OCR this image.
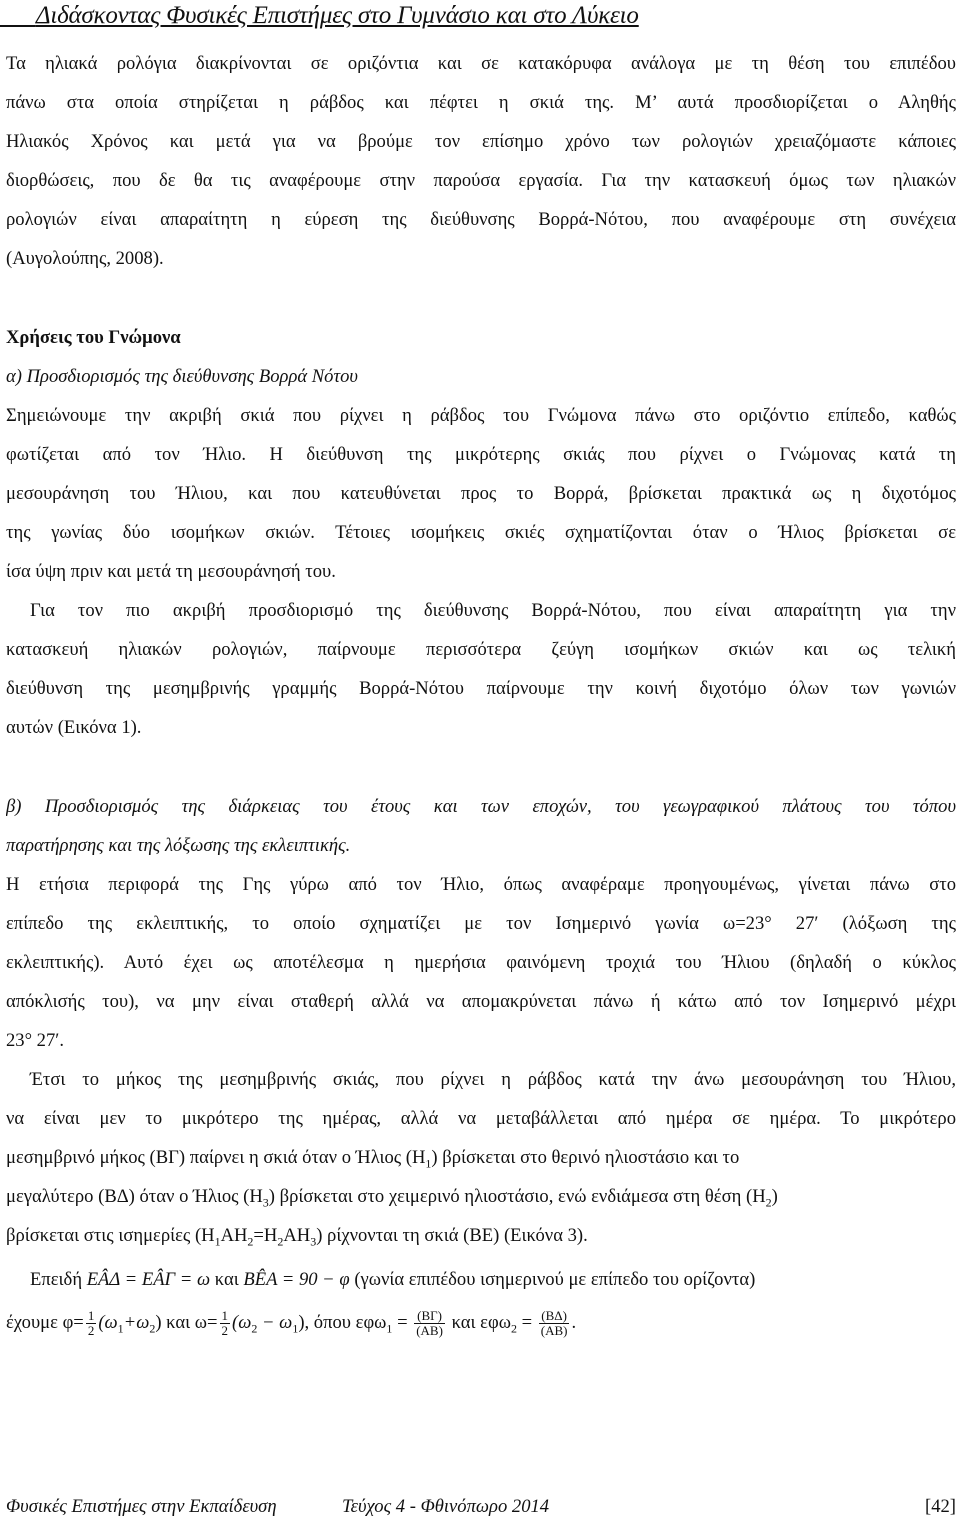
Διδάσκοντας Φυσικές Επιστήμες στο Γυμνάσιο και στο Λύκειο
Τα ηλιακά ρολόγια διακρίνονται σε οριζόντια και σε κατακόρυφα ανάλογα με τη θέση του επιπέδου
πάνω στα οποία στηρίζεται η ράβδος και πέφτει η σκιά της. Μ’ αυτά προσδιορίζεται ο Αληθής
Ηλιακός Χρόνος και μετά για να βρούμε τον επίσημο χρόνο των ρολογιών χρειαζόμαστε κάποιες
διορθώσεις, που δε θα τις αναφέρουμε στην παρούσα εργασία. Για την κατασκευή όμως των ηλιακών
ρολογιών είναι απαραίτητη η εύρεση της διεύθυνσης Βορρά-Νότου, που αναφέρουμε στη συνέχεια
(Αυγολούπης, 2008).
Χρήσεις του Γνώμονα
α) Προσδιορισμός της διεύθυνσης Βορρά Νότου
Σημειώνουμε την ακριβή σκιά που ρίχνει η ράβδος του Γνώμονα πάνω στο οριζόντιο επίπεδο, καθώς
φωτίζεται από τον Ήλιο. Η διεύθυνση της μικρότερης σκιάς που ρίχνει ο Γνώμονας κατά τη
μεσουράνηση του Ήλιου, και που κατευθύνεται προς το Βορρά, βρίσκεται πρακτικά ως η διχοτόμος
της γωνίας δύο ισομήκων σκιών. Τέτοιες ισομήκεις σκιές σχηματίζονται όταν ο Ήλιος βρίσκεται σε
ίσα ύψη πριν και μετά τη μεσουράνησή του.
Για τον πιο ακριβή προσδιορισμό της διεύθυνσης Βορρά-Νότου, που είναι απαραίτητη για την
κατασκευή ηλιακών ρολογιών, παίρνουμε περισσότερα ζεύγη ισομήκων σκιών και ως τελική
διεύθυνση της μεσημβρινής γραμμής Βορρά-Νότου παίρνουμε την κοινή διχοτόμο όλων των γωνιών
αυτών (Εικόνα 1).
β) Προσδιορισμός της διάρκειας του έτους και των εποχών, του γεωγραφικού πλάτους του τόπου
παρατήρησης και της λόξωσης της εκλειπτικής.
Η ετήσια περιφορά της Γης γύρω από τον Ήλιο, όπως αναφέραμε προηγουμένως, γίνεται πάνω στο
επίπεδο της εκλειπτικής, το οποίο σχηματίζει με τον Ισημερινό γωνία ω=23° 27′ (λόξωση της
εκλειπτικής). Αυτό έχει ως αποτέλεσμα η ημερήσια φαινόμενη τροχιά του Ήλιου (δηλαδή ο κύκλος
απόκλισής του), να μην είναι σταθερή αλλά να απομακρύνεται πάνω ή κάτω από τον Ισημερινό μέχρι
23° 27′.
Έτσι το μήκος της μεσημβρινής σκιάς, που ρίχνει η ράβδος κατά την άνω μεσουράνηση του Ήλιου,
να είναι μεν το μικρότερο της ημέρας, αλλά να μεταβάλλεται από ημέρα σε ημέρα. Το μικρότερο
μεσημβρινό μήκος (ΒΓ) παίρνει η σκιά όταν ο Ήλιος $(H_1)$ βρίσκεται στο θερινό ηλιοστάσιο και το
μεγαλύτερο (ΒΔ) όταν ο Ήλιος $(H_3)$ βρίσκεται στο χειμερινό ηλιοστάσιο, ενώ ενδιάμεσα στη θέση $(H_2)$
βρίσκεται στις ισημερίες $(H_1AH_2=H_2AH_3)$ ρίχνονται τη σκιά (ΒΕ) (Εικόνα 3).
Επειδή ΕÂΔ = ΕÂΓ = ω και BÊA = 90 − φ (γωνία επιπέδου ισημερινού με επίπεδο του ορίζοντα)
έχουμε $\varphi= \frac{1}{2} (\omega_1+\omega_2)$ και $\omega= \frac{1}{2} (\omega_2 - \omega_1)$, όπου $\varepsilon\varphi\omega_1 = \frac{(B\Gamma)}{(AB)}$ και $\varepsilon\varphi\omega_2 = \frac{(B\Delta)}{(AB)}$ .
Φυσικές Επιστήμες στην Εκπαίδευση	Τεύχος 4 - Φθινόπωρο 2014	[42]
